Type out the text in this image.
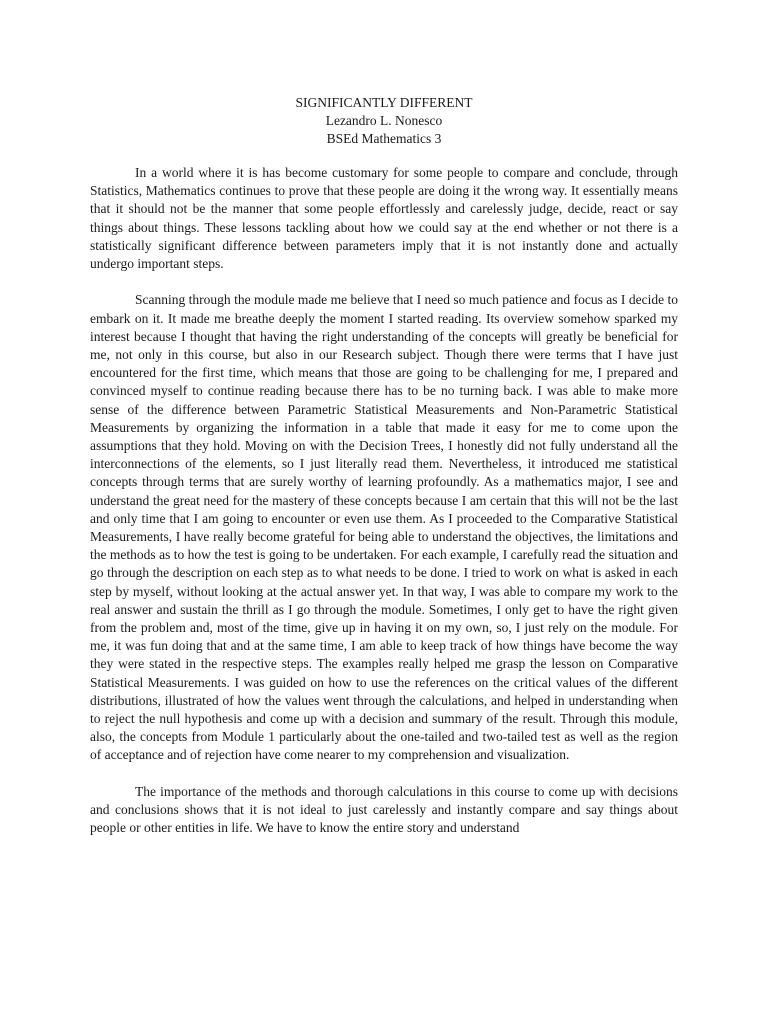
SIGNIFICANTLY DIFFERENT
Lezandro L. Nonesco
BSEd Mathematics 3

In a world where it is has become customary for some people to compare and conclude, through Statistics, Mathematics continues to prove that these people are doing it the wrong way. It essentially means that it should not be the manner that some people effortlessly and carelessly judge, decide, react or say things about things. These lessons tackling about how we could say at the end whether or not there is a statistically significant difference between parameters imply that it is not instantly done and actually undergo important steps.

Scanning through the module made me believe that I need so much patience and focus as I decide to embark on it. It made me breathe deeply the moment I started reading. Its overview somehow sparked my interest because I thought that having the right understanding of the concepts will greatly be beneficial for me, not only in this course, but also in our Research subject. Though there were terms that I have just encountered for the first time, which means that those are going to be challenging for me, I prepared and convinced myself to continue reading because there has to be no turning back. I was able to make more sense of the difference between Parametric Statistical Measurements and Non-Parametric Statistical Measurements by organizing the information in a table that made it easy for me to come upon the assumptions that they hold. Moving on with the Decision Trees, I honestly did not fully understand all the interconnections of the elements, so I just literally read them. Nevertheless, it introduced me statistical concepts through terms that are surely worthy of learning profoundly. As a mathematics major, I see and understand the great need for the mastery of these concepts because I am certain that this will not be the last and only time that I am going to encounter or even use them. As I proceeded to the Comparative Statistical Measurements, I have really become grateful for being able to understand the objectives, the limitations and the methods as to how the test is going to be undertaken. For each example, I carefully read the situation and go through the description on each step as to what needs to be done. I tried to work on what is asked in each step by myself, without looking at the actual answer yet. In that way, I was able to compare my work to the real answer and sustain the thrill as I go through the module. Sometimes, I only get to have the right given from the problem and, most of the time, give up in having it on my own, so, I just rely on the module. For me, it was fun doing that and at the same time, I am able to keep track of how things have become the way they were stated in the respective steps. The examples really helped me grasp the lesson on Comparative Statistical Measurements. I was guided on how to use the references on the critical values of the different distributions, illustrated of how the values went through the calculations, and helped in understanding when to reject the null hypothesis and come up with a decision and summary of the result. Through this module, also, the concepts from Module 1 particularly about the one-tailed and two-tailed test as well as the region of acceptance and of rejection have come nearer to my comprehension and visualization.

The importance of the methods and thorough calculations in this course to come up with decisions and conclusions shows that it is not ideal to just carelessly and instantly compare and say things about people or other entities in life. We have to know the entire story and understand
